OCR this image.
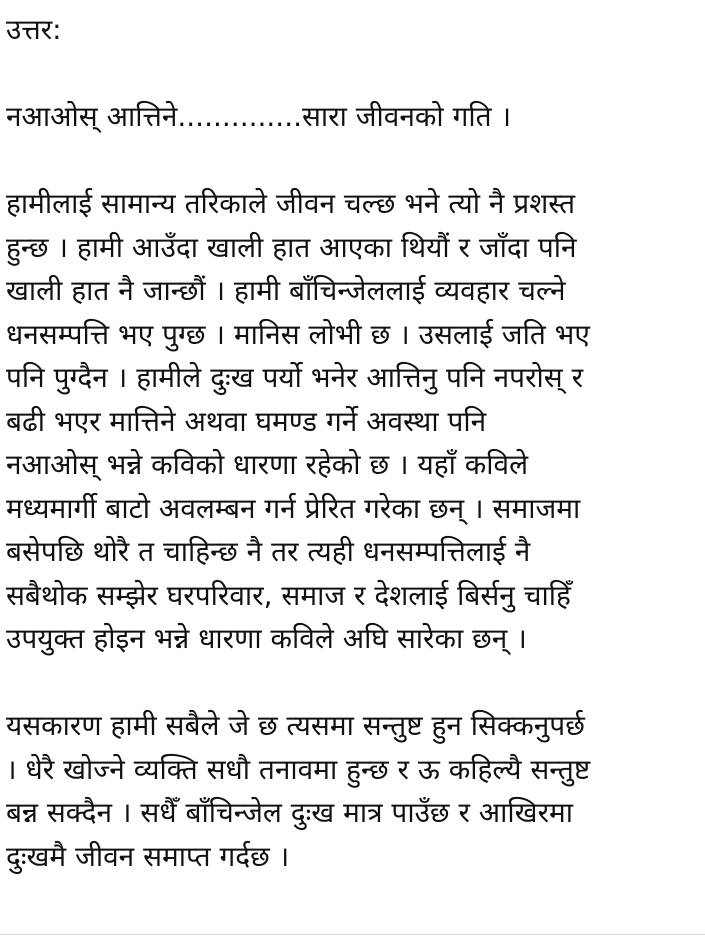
उत्तर:
नआओस् आत्तिने..............सारा जीवनको गति ।
हामीलाई सामान्य तरिकाले जीवन चल्छ भने त्यो नै प्रशस्त
हुन्छ । हामी आउँदा खाली हात आएका थियौं र जाँदा पनि
खाली हात नै जान्छौं । हामी बाँचिन्जेललाई व्यवहार चल्ने
धनसम्पत्ति भए पुग्छ । मानिस लोभी छ । उसलाई जति भए
पनि पुग्दैन । हामीले दुःख पर्यो भनेर आत्तिनु पनि नपरोस् र
बढी भएर मात्तिने अथवा घमण्ड गर्ने अवस्था पनि
नआओस् भन्ने कविको धारणा रहेको छ । यहाँ कविले
मध्यमार्गी बाटो अवलम्बन गर्न प्रेरित गरेका छन् । समाजमा
बसेपछि थोरै त चाहिन्छ नै तर त्यही धनसम्पत्तिलाई नै
सबैथोक सम्झेर घरपरिवार, समाज र देशलाई बिर्सनु चाहिँ
उपयुक्त होइन भन्ने धारणा कविले अघि सारेका छन् ।
यसकारण हामी सबैले जे छ त्यसमा सन्तुष्ट हुन सिक्कनुपर्छ
। धेरै खोज्ने व्यक्ति सधौ तनावमा हुन्छ र ऊ कहिल्यै सन्तुष्ट
बन्न सक्दैन । सधैँ बाँचिन्जेल दुःख मात्र पाउँछ र आखिरमा
दुःखमै जीवन समाप्त गर्दछ ।
